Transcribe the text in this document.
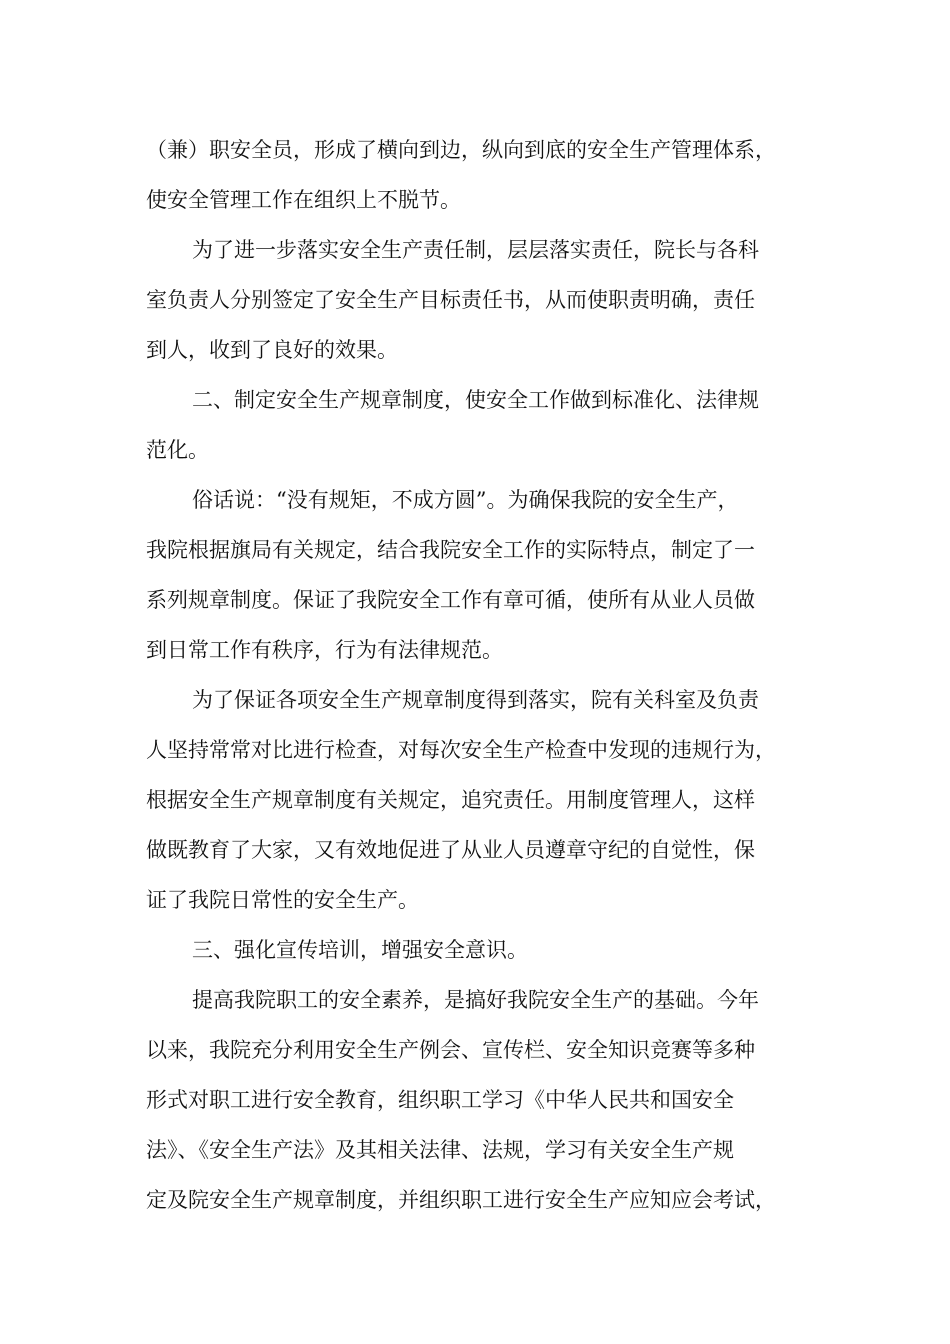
（兼）职安全员，形成了横向到边，纵向到底的安全生产管理体系，
使安全管理工作在组织上不脱节。
为了进一步落实安全生产责任制，层层落实责任，院长与各科
室负责人分别签定了安全生产目标责任书，从而使职责明确，责任
到人，收到了良好的效果。
二、制定安全生产规章制度，使安全工作做到标准化、法律规
范化。
俗话说：“没有规矩，不成方圆”。为确保我院的安全生产，
我院根据旗局有关规定，结合我院安全工作的实际特点，制定了一
系列规章制度。保证了我院安全工作有章可循，使所有从业人员做
到日常工作有秩序，行为有法律规范。
为了保证各项安全生产规章制度得到落实，院有关科室及负责
人坚持常常对比进行检查，对每次安全生产检查中发现的违规行为，
根据安全生产规章制度有关规定，追究责任。用制度管理人，这样
做既教育了大家，又有效地促进了从业人员遵章守纪的自觉性，保
证了我院日常性的安全生产。
三、强化宣传培训，增强安全意识。
提高我院职工的安全素养，是搞好我院安全生产的基础。今年
以来，我院充分利用安全生产例会、宣传栏、安全知识竞赛等多种
形式对职工进行安全教育，组织职工学习《中华人民共和国安全
法》、《安全生产法》及其相关法律、法规，学习有关安全生产规
定及院安全生产规章制度，并组织职工进行安全生产应知应会考试，
